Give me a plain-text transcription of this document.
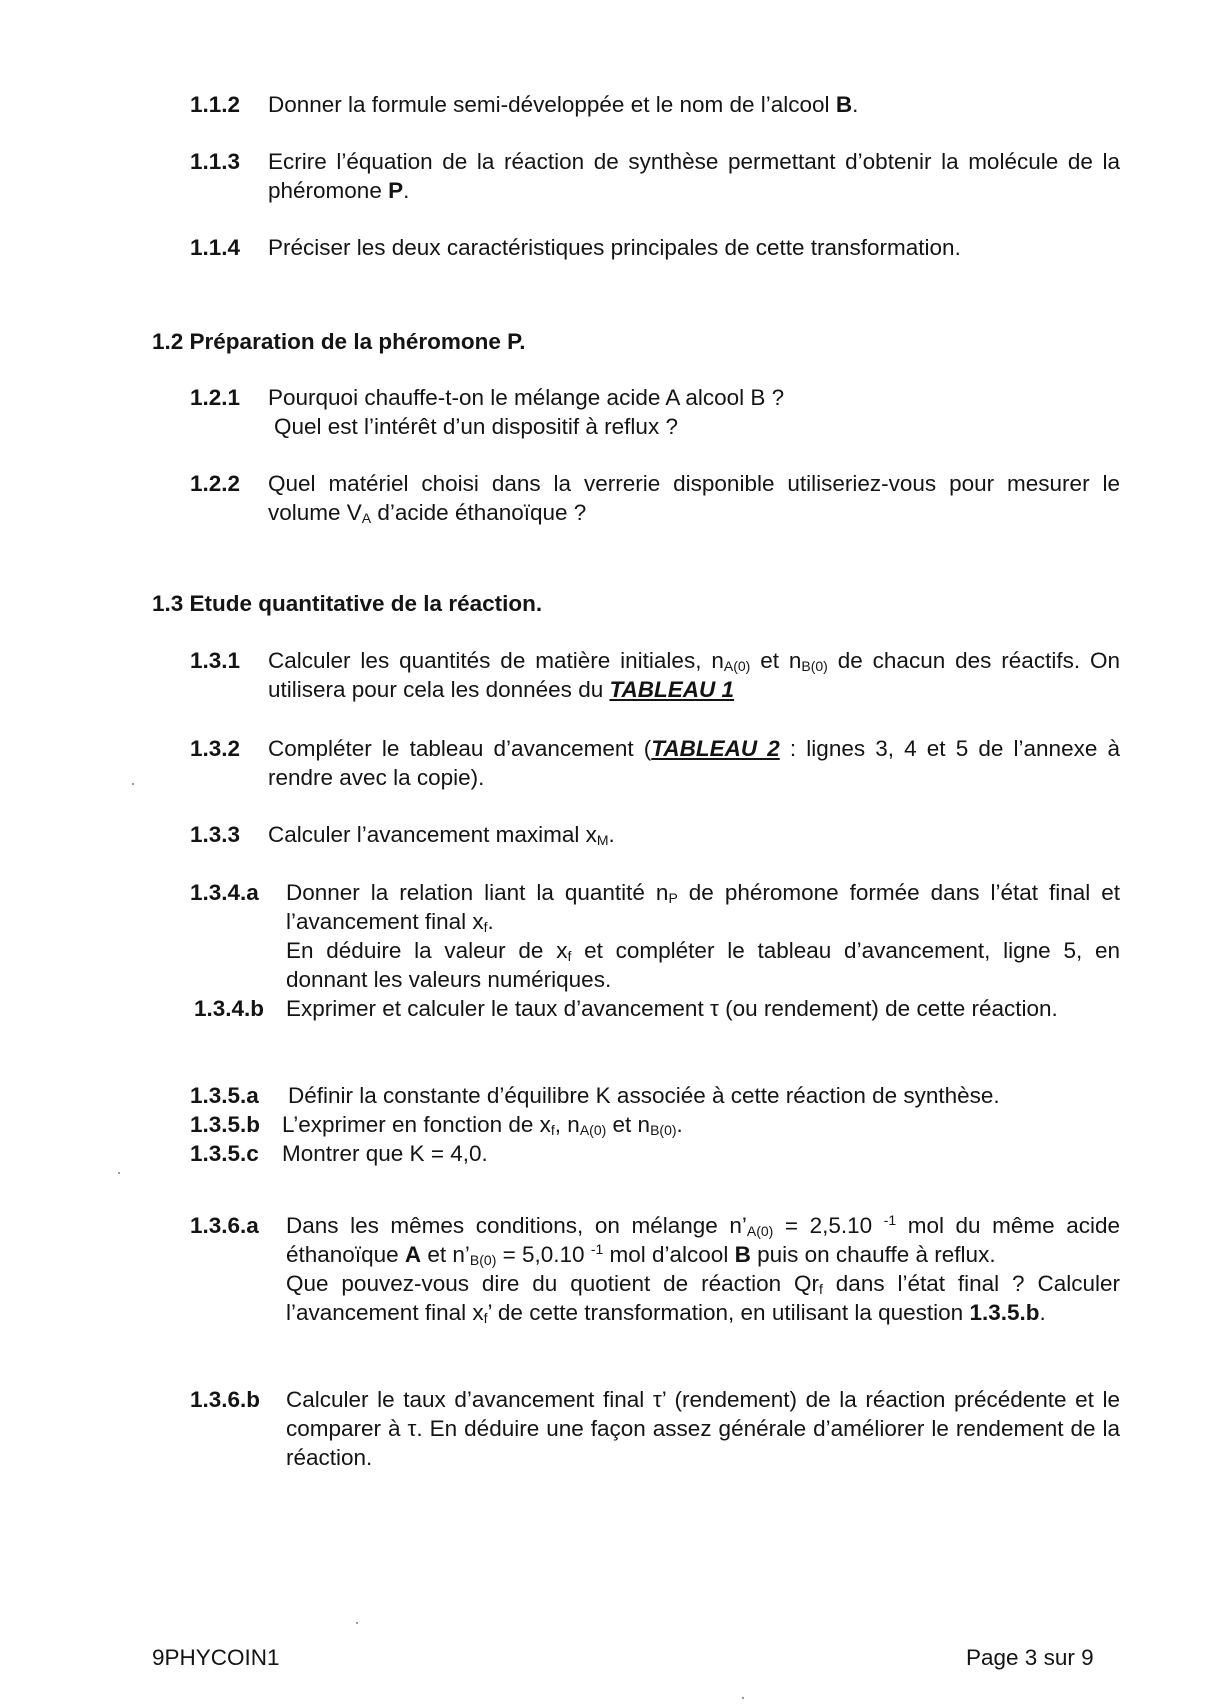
1.1.2 Donner la formule semi-développée et le nom de l’alcool B.
1.1.3 Ecrire l’équation de la réaction de synthèse permettant d’obtenir la molécule de la phéromone P.
1.1.4 Préciser les deux caractéristiques principales de cette transformation.
1.2 Préparation de la phéromone P.
1.2.1 Pourquoi chauffe-t-on le mélange acide A alcool B ?

Quel est l’intérêt d’un dispositif à reflux ?

1.2.2 Quel matériel choisi dans la verrerie disponible utiliseriez-vous pour mesurer le volume $V_A$ d’acide éthanoïque ?
1.3 Etude quantitative de la réaction.
1.3.1 Calculer les quantités de matière initiales, $n_{A(0)}$ et $n_{B(0)}$ de chacun des réactifs. On utilisera pour cela les données du TABLEAU 1
1.3.2 Compléter le tableau d’avancement (TABLEAU 2 : lignes 3, 4 et 5 de l’annexe à rendre avec la copie).
1.3.3 Calculer l’avancement maximal $x_M$.
1.3.4.a Donner la relation liant la quantité $n_P$ de phéromone formée dans l’état final et l’avancement final $x_f$.

En déduire la valeur de $x_f$ et compléter le tableau d’avancement, ligne 5, en donnant les valeurs numériques.

1.3.4.b Exprimer et calculer le taux d’avancement τ (ou rendement) de cette réaction.
1.3.5.a Définir la constante d’équilibre K associée à cette réaction de synthèse.
1.3.5.b L’exprimer en fonction de $x_f$, $n_{A(0)}$ et $n_{B(0)}$.
1.3.5.c Montrer que K = 4,0.
1.3.6.a Dans les mêmes conditions, on mélange $n’_{A(0)} = 2,5.10$ $^{-1}$ mol du même acide éthanoïque A et $n’_{B(0)} = 5,0.10$ $^{-1}$ mol d’alcool B puis on chauffe à reflux.

Que pouvez-vous dire du quotient de réaction $Qr_f$ dans l’état final ? Calculer l’avancement final $x_f$’ de cette transformation, en utilisant la question 1.3.5.b.

1.3.6.b Calculer le taux d’avancement final τ’ (rendement) de la réaction précédente et le comparer à τ. En déduire une façon assez générale d’améliorer le rendement de la réaction.
9PHYCOIN1	Page 3 sur 9
